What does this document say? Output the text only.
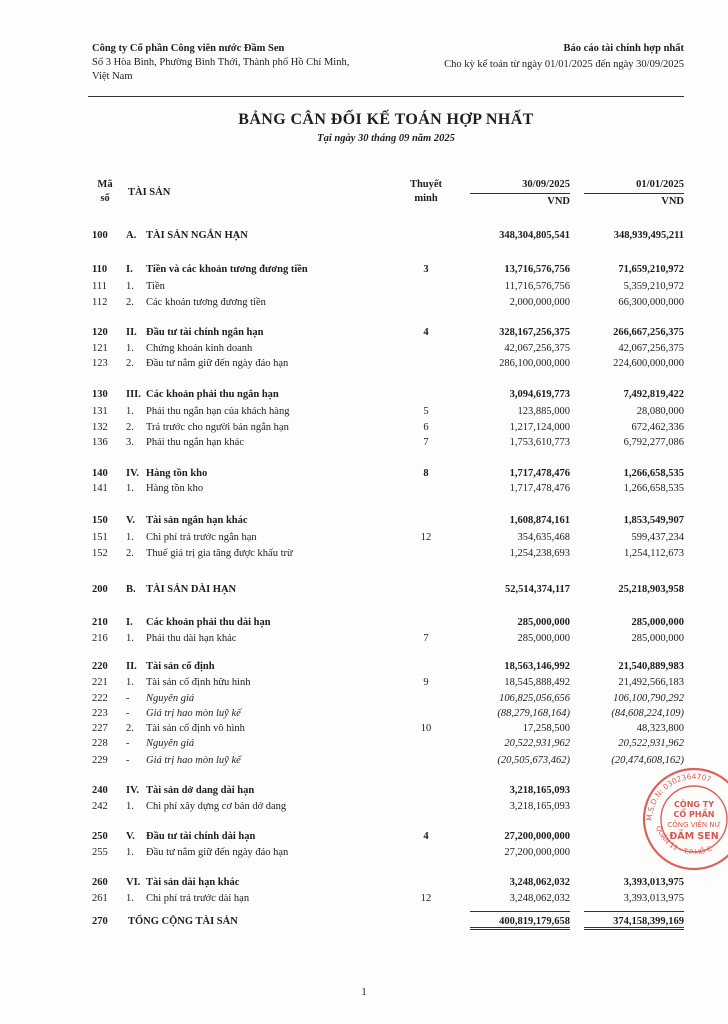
Công ty Cổ phần Công viên nước Đầm Sen
Số 3 Hòa Bình, Phường Bình Thới, Thành phố Hồ Chí Minh,
Việt Nam
Báo cáo tài chính hợp nhất
Cho kỳ kế toán từ ngày 01/01/2025 đến ngày 30/09/2025
BẢNG CÂN ĐỐI KẾ TOÁN HỢP NHẤT
Tại ngày 30 tháng 09 năm 2025
Mã
số
TÀI SẢN
Thuyết
minh
30/09/2025	01/01/2025
VND	VND
100	A. TÀI SẢN NGẮN HẠN	348,304,805,541	348,939,495,211
110	I. Tiền và các khoản tương đương tiền	3	13,716,576,756	71,659,210,972
111	1. Tiền	11,716,576,756	5,359,210,972
112	2. Các khoản tương đương tiền	2,000,000,000	66,300,000,000
120	II. Đầu tư tài chính ngắn hạn	4	328,167,256,375	266,667,256,375
121	1. Chứng khoán kinh doanh	42,067,256,375	42,067,256,375
123	2. Đầu tư nắm giữ đến ngày đáo hạn	286,100,000,000	224,600,000,000
130	III. Các khoản phải thu ngắn hạn	3,094,619,773	7,492,819,422
131	1. Phải thu ngắn hạn của khách hàng	5	123,885,000	28,080,000
132	2. Trả trước cho người bán ngắn hạn	6	1,217,124,000	672,462,336
136	3. Phải thu ngắn hạn khác	7	1,753,610,773	6,792,277,086
140	IV. Hàng tồn kho	8	1,717,478,476	1,266,658,535
141	1. Hàng tồn kho	1,717,478,476	1,266,658,535
150	V. Tài sản ngắn hạn khác	1,608,874,161	1,853,549,907
151	1. Chi phí trả trước ngắn hạn	12	354,635,468	599,437,234
152	2. Thuế giá trị gia tăng được khấu trừ	1,254,238,693	1,254,112,673
200	B. TÀI SẢN DÀI HẠN	52,514,374,117	25,218,903,958
210	I. Các khoản phải thu dài hạn	285,000,000	285,000,000
216	1. Phải thu dài hạn khác	7	285,000,000	285,000,000
220	II. Tài sản cố định	18,563,146,992	21,540,889,983
221	1. Tài sản cố định hữu hình	9	18,545,888,492	21,492,566,183
222	- Nguyên giá	106,825,056,656	106,100,790,292
223	- Giá trị hao mòn luỹ kế	(88,279,168,164)	(84,608,224,109)
227	2. Tài sản cố định vô hình	10	17,258,500	48,323,800
228	- Nguyên giá	20,522,931,962	20,522,931,962
229	- Giá trị hao mòn luỹ kế	(20,505,673,462)	(20,474,608,162)
240	IV. Tài sản dở dang dài hạn	3,218,165,093
242	1. Chi phí xây dựng cơ bản dở dang	3,218,165,093
250	V. Đầu tư tài chính dài hạn	4	27,200,000,000
255	1. Đầu tư nắm giữ đến ngày đáo hạn	27,200,000,000
260	VI. Tài sản dài hạn khác	3,248,062,032	3,393,013,975
261	1. Chi phí trả trước dài hạn	12	3,248,062,032	3,393,013,975
270	TỔNG CỘNG TÀI SẢN	400,819,179,658	374,158,399,169
1
M.S.D.N: 0302364707
QUẬN 11 - T.P HỒ C
CÔNG TY
CỔ PHẦN
CÔNG VIÊN NƯ
ĐẦM SEN
